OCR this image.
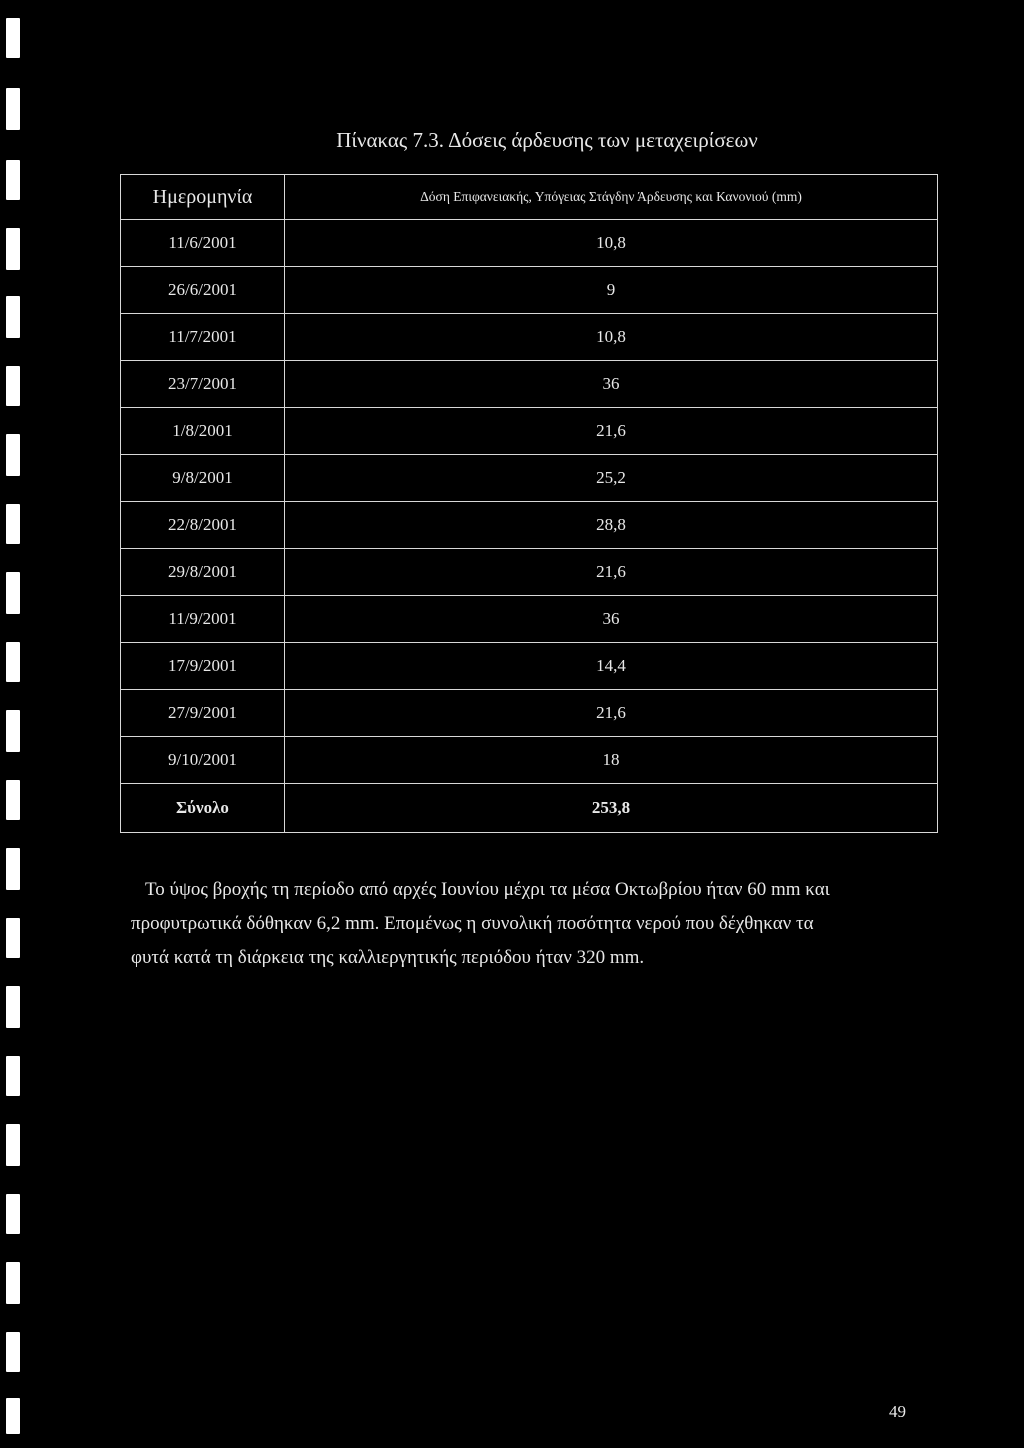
Πίνακας 7.3. Δόσεις άρδευσης των μεταχειρίσεων
Ημερομηνία	Δόση Επιφανειακής, Υπόγειας Στάγδην Άρδευσης και Κανονιού (mm)
11/6/2001	10,8
26/6/2001	9
11/7/2001	10,8
23/7/2001	36
1/8/2001	21,6
9/8/2001	25,2
22/8/2001	28,8
29/8/2001	21,6
11/9/2001	36
17/9/2001	14,4
27/9/2001	21,6
9/10/2001	18
Σύνολο	253,8

Το ύψος βροχής τη περίοδο από αρχές Ιουνίου μέχρι τα μέσα Οκτωβρίου ήταν 60 mm και

προφυτρωτικά δόθηκαν 6,2 mm. Επομένως η συνολική ποσότητα νερού που δέχθηκαν τα

φυτά κατά τη διάρκεια της καλλιεργητικής περιόδου ήταν 320 mm.

49
